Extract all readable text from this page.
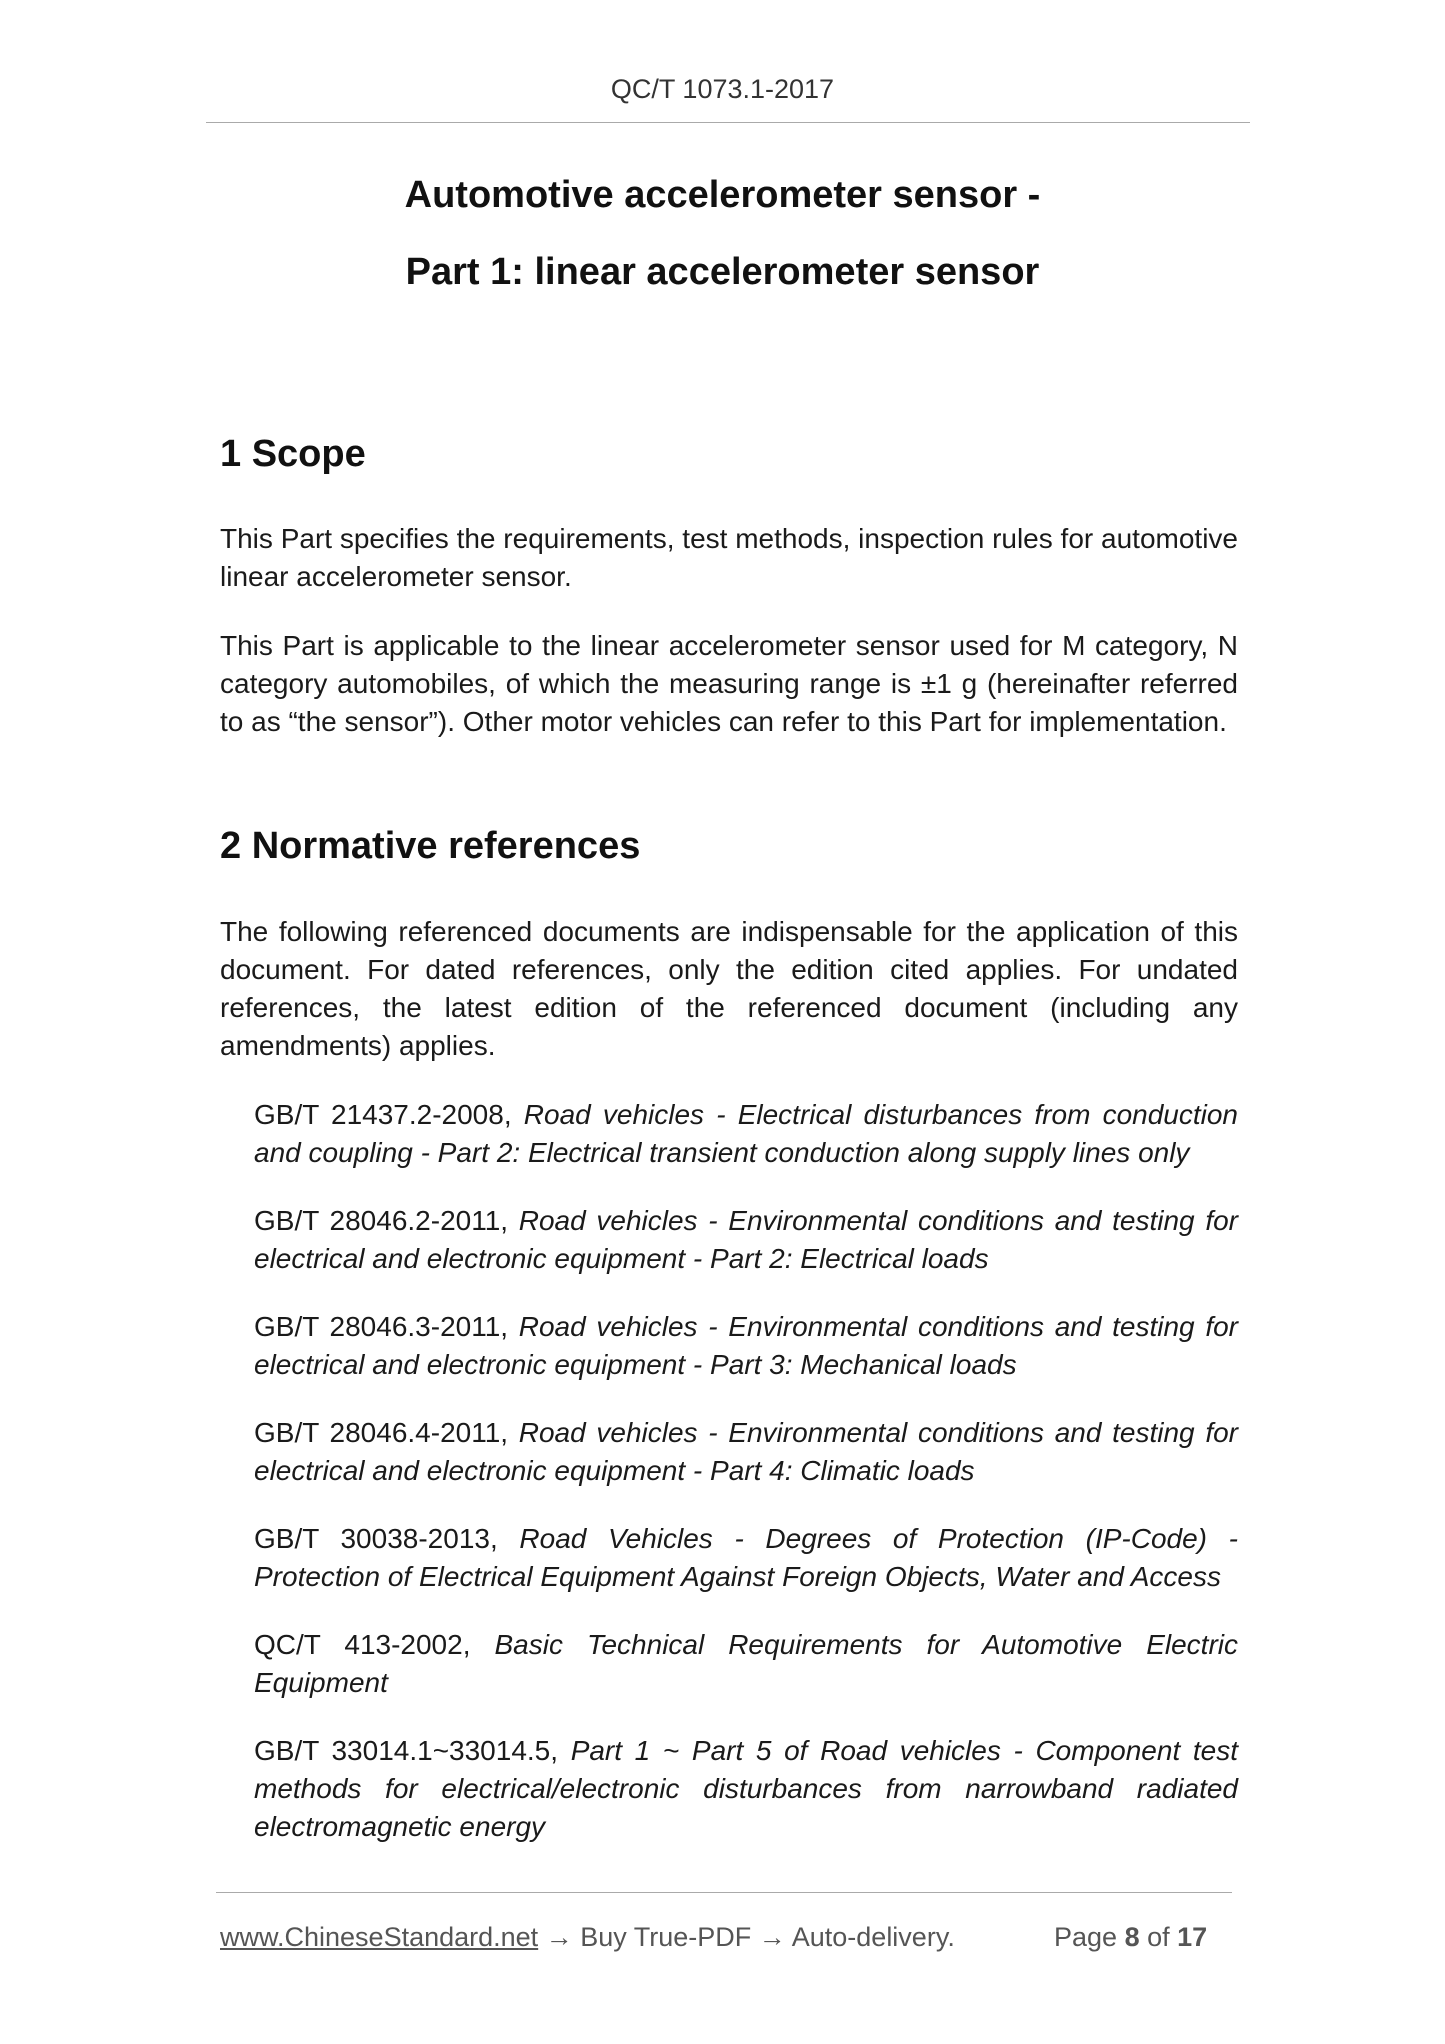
QC/T 1073.1-2017
Automotive accelerometer sensor -
Part 1: linear accelerometer sensor
1 Scope

This Part specifies the requirements, test methods, inspection rules for automotive linear accelerometer sensor.

This Part is applicable to the linear accelerometer sensor used for M category, N category automobiles, of which the measuring range is ±1 g (hereinafter referred to as “the sensor”). Other motor vehicles can refer to this Part for implementation.

2 Normative references

The following referenced documents are indispensable for the application of this document. For dated references, only the edition cited applies. For undated references, the latest edition of the referenced document (including any amendments) applies.

GB/T 21437.2-2008, Road vehicles - Electrical disturbances from conduction and coupling - Part 2: Electrical transient conduction along supply lines only
GB/T 28046.2-2011, Road vehicles - Environmental conditions and testing for electrical and electronic equipment - Part 2: Electrical loads
GB/T 28046.3-2011, Road vehicles - Environmental conditions and testing for electrical and electronic equipment - Part 3: Mechanical loads
GB/T 28046.4-2011, Road vehicles - Environmental conditions and testing for electrical and electronic equipment - Part 4: Climatic loads
GB/T 30038-2013, Road Vehicles - Degrees of Protection (IP-Code) - Protection of Electrical Equipment Against Foreign Objects, Water and Access
QC/T 413-2002, Basic Technical Requirements for Automotive Electric Equipment
GB/T 33014.1~33014.5, Part 1 ~ Part 5 of Road vehicles - Component test methods for electrical/electronic disturbances from narrowband radiated electromagnetic energy
www.ChineseStandard.net → Buy True-PDF → Auto-delivery.	Page 8 of 17
